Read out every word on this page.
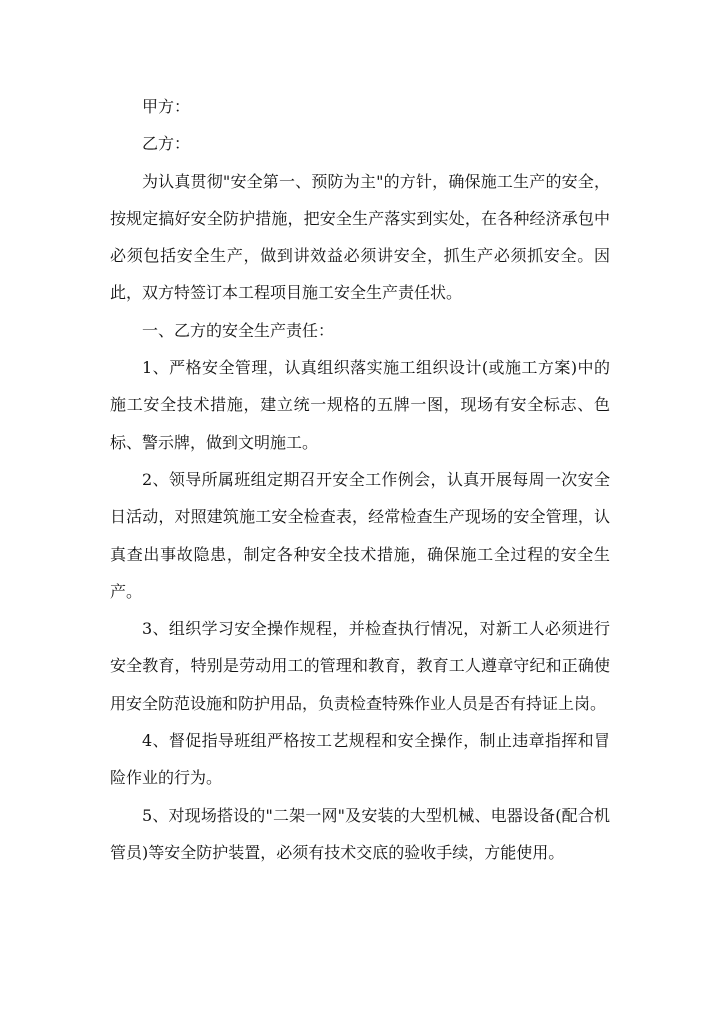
甲方：

乙方：

为认真贯彻"安全第一、预防为主"的方针，确保施工生产的安全，按规定搞好安全防护措施，把安全生产落实到实处，在各种经济承包中必须包括安全生产，做到讲效益必须讲安全，抓生产必须抓安全。因此，双方特签订本工程项目施工安全生产责任状。

一、乙方的安全生产责任：

1、严格安全管理，认真组织落实施工组织设计(或施工方案)中的施工安全技术措施，建立统一规格的五牌一图，现场有安全标志、色标、警示牌，做到文明施工。

2、领导所属班组定期召开安全工作例会，认真开展每周一次安全日活动，对照建筑施工安全检查表，经常检查生产现场的安全管理，认真查出事故隐患，制定各种安全技术措施，确保施工全过程的安全生产。

3、组织学习安全操作规程，并检查执行情况，对新工人必须进行安全教育，特别是劳动用工的管理和教育，教育工人遵章守纪和正确使用安全防范设施和防护用品，负责检查特殊作业人员是否有持证上岗。

4、督促指导班组严格按工艺规程和安全操作，制止违章指挥和冒险作业的行为。

5、对现场搭设的"二架一网"及安装的大型机械、电器设备(配合机管员)等安全防护装置，必须有技术交底的验收手续，方能使用。
